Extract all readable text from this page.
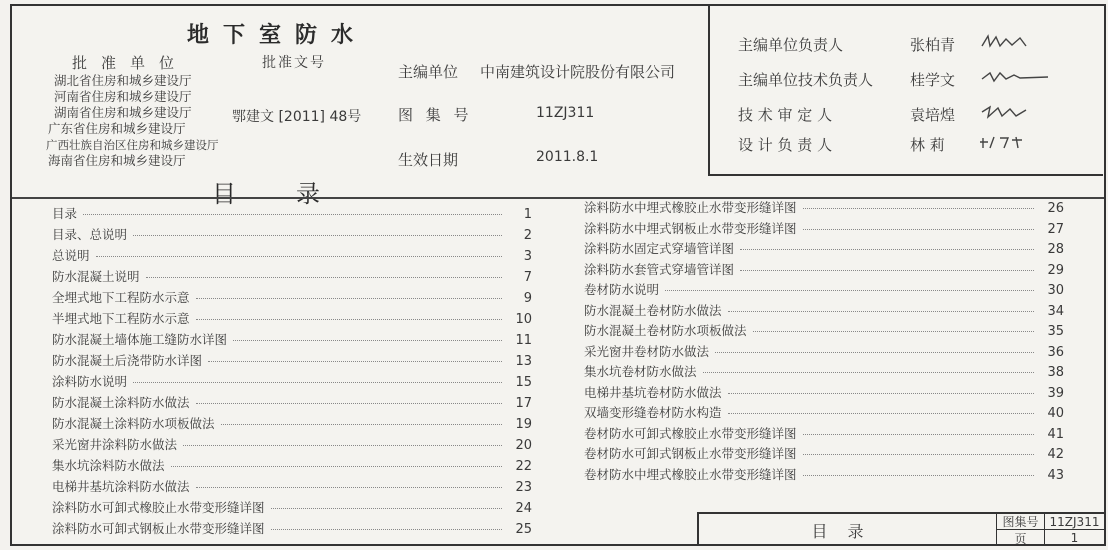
地下室防水
批准单位	批准文号
湖北省住房和城乡建设厅
河南省住房和城乡建设厅
湖南省住房和城乡建设厅
广东省住房和城乡建设厅
广西壮族自治区住房和城乡建设厅
海南省住房和城乡建设厅
鄂建文 [2011] 48号
主编单位 中南建筑设计院股份有限公司
图 集 号	11ZJ311
生效日期	2011.8.1
主编单位负责人	张柏青
主编单位技术负责人 桂学文
技 术 审 定 人	袁培煌
设 计 负 责 人	林 莉
目录
目录	1
目录、总说明	2
总说明	3
防水混凝土说明	7
全埋式地下工程防水示意	9
半埋式地下工程防水示意	10
防水混凝土墙体施工缝防水详图	11
防水混凝土后浇带防水详图	13
涂料防水说明	15
防水混凝土涂料防水做法	17
防水混凝土涂料防水项板做法	19
采光窗井涂料防水做法	20
集水坑涂料防水做法	22
电梯井基坑涂料防水做法	23
涂料防水可卸式橡胶止水带变形缝详图	24
涂料防水可卸式钢板止水带变形缝详图	25
涂料防水中埋式橡胶止水带变形缝详图	26
涂料防水中埋式钢板止水带变形缝详图	27
涂料防水固定式穿墙管详图	28
涂料防水套管式穿墙管详图	29
卷材防水说明	30
防水混凝土卷材防水做法	34
防水混凝土卷材防水项板做法	35
采光窗井卷材防水做法	36
集水坑卷材防水做法	38
电梯井基坑卷材防水做法	39
双墙变形缝卷材防水构造	40
卷材防水可卸式橡胶止水带变形缝详图	41
卷材防水可卸式钢板止水带变形缝详图	42
卷材防水中埋式橡胶止水带变形缝详图	43
目录	图集号 11ZJ311
页	1
